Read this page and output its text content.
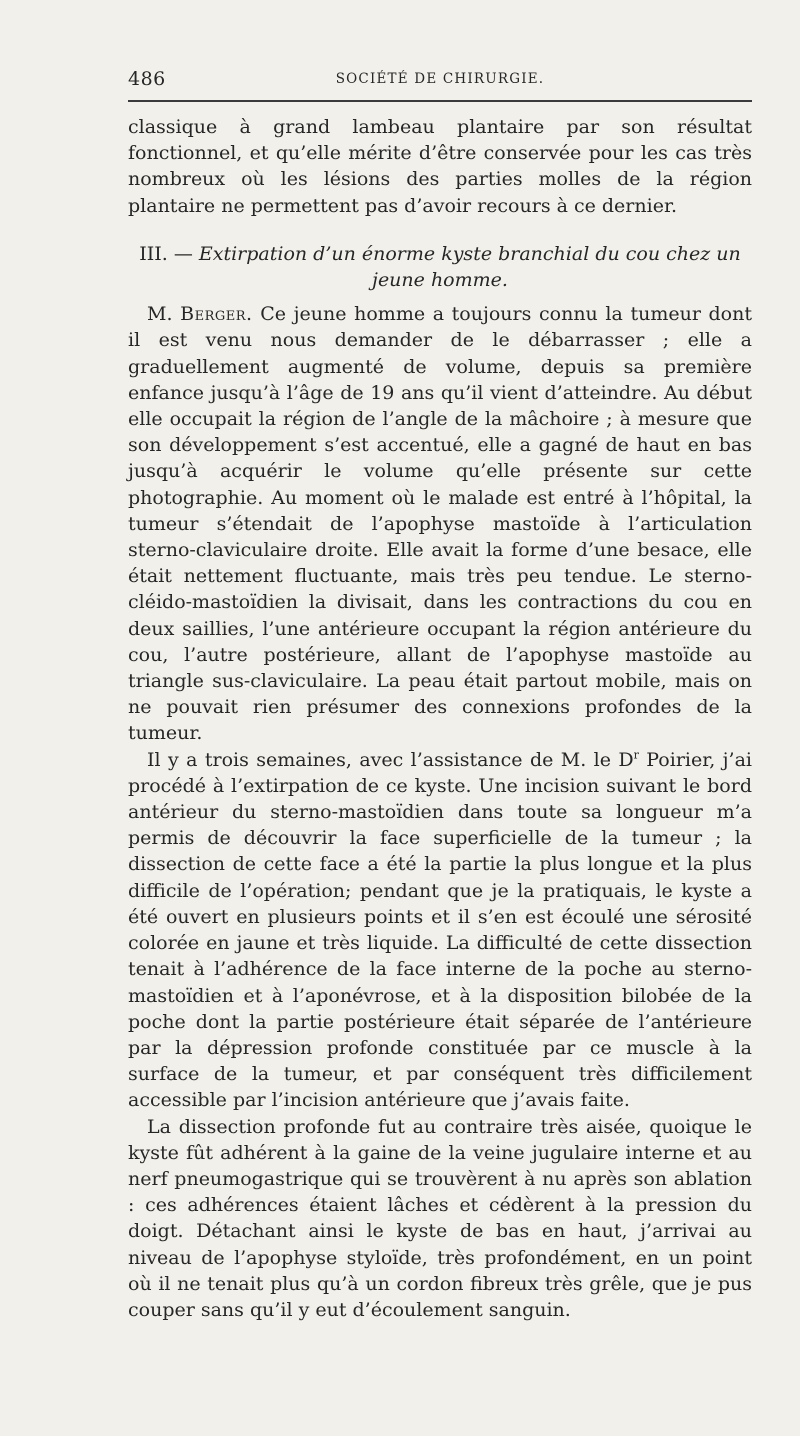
486	SOCIÉTÉ DE CHIRURGIE.

classique à grand lambeau plantaire par son résultat fonctionnel, et qu’elle mérite d’être conservée pour les cas très nombreux où les lésions des parties molles de la région plantaire ne permettent pas d’avoir recours à ce dernier.

III. — Extirpation d’un énorme kyste branchial du cou chez un jeune homme.

M. Berger. Ce jeune homme a toujours connu la tumeur dont il est venu nous demander de le débarrasser ; elle a graduellement augmenté de volume, depuis sa première enfance jusqu’à l’âge de 19 ans qu’il vient d’atteindre. Au début elle occupait la région de l’angle de la mâchoire ; à mesure que son développement s’est accentué, elle a gagné de haut en bas jusqu’à acquérir le volume qu’elle présente sur cette photographie. Au moment où le malade est entré à l’hôpital, la tumeur s’étendait de l’apophyse mastoïde à l’articulation sterno-claviculaire droite. Elle avait la forme d’une besace, elle était nettement fluctuante, mais très peu tendue. Le sterno-cléido-mastoïdien la divisait, dans les contractions du cou en deux saillies, l’une antérieure occupant la région antérieure du cou, l’autre postérieure, allant de l’apophyse mastoïde au triangle sus-claviculaire. La peau était partout mobile, mais on ne pouvait rien présumer des connexions profondes de la tumeur.

Il y a trois semaines, avec l’assistance de M. le $D^r$ Poirier, j’ai procédé à l’extirpation de ce kyste. Une incision suivant le bord antérieur du sterno-mastoïdien dans toute sa longueur m’a permis de découvrir la face superficielle de la tumeur ; la dissection de cette face a été la partie la plus longue et la plus difficile de l’opération; pendant que je la pratiquais, le kyste a été ouvert en plusieurs points et il s’en est écoulé une sérosité colorée en jaune et très liquide. La difficulté de cette dissection tenait à l’adhérence de la face interne de la poche au sterno-mastoïdien et à l’aponévrose, et à la disposition bilobée de la poche dont la partie postérieure était séparée de l’antérieure par la dépression profonde constituée par ce muscle à la surface de la tumeur, et par conséquent très difficilement accessible par l’incision antérieure que j’avais faite.

La dissection profonde fut au contraire très aisée, quoique le kyste fût adhérent à la gaine de la veine jugulaire interne et au nerf pneumogastrique qui se trouvèrent à nu après son ablation : ces adhérences étaient lâches et cédèrent à la pression du doigt. Détachant ainsi le kyste de bas en haut, j’arrivai au niveau de l’apophyse styloïde, très profondément, en un point où il ne tenait plus qu’à un cordon fibreux très grêle, que je pus couper sans qu’il y eut d’écoulement sanguin.
